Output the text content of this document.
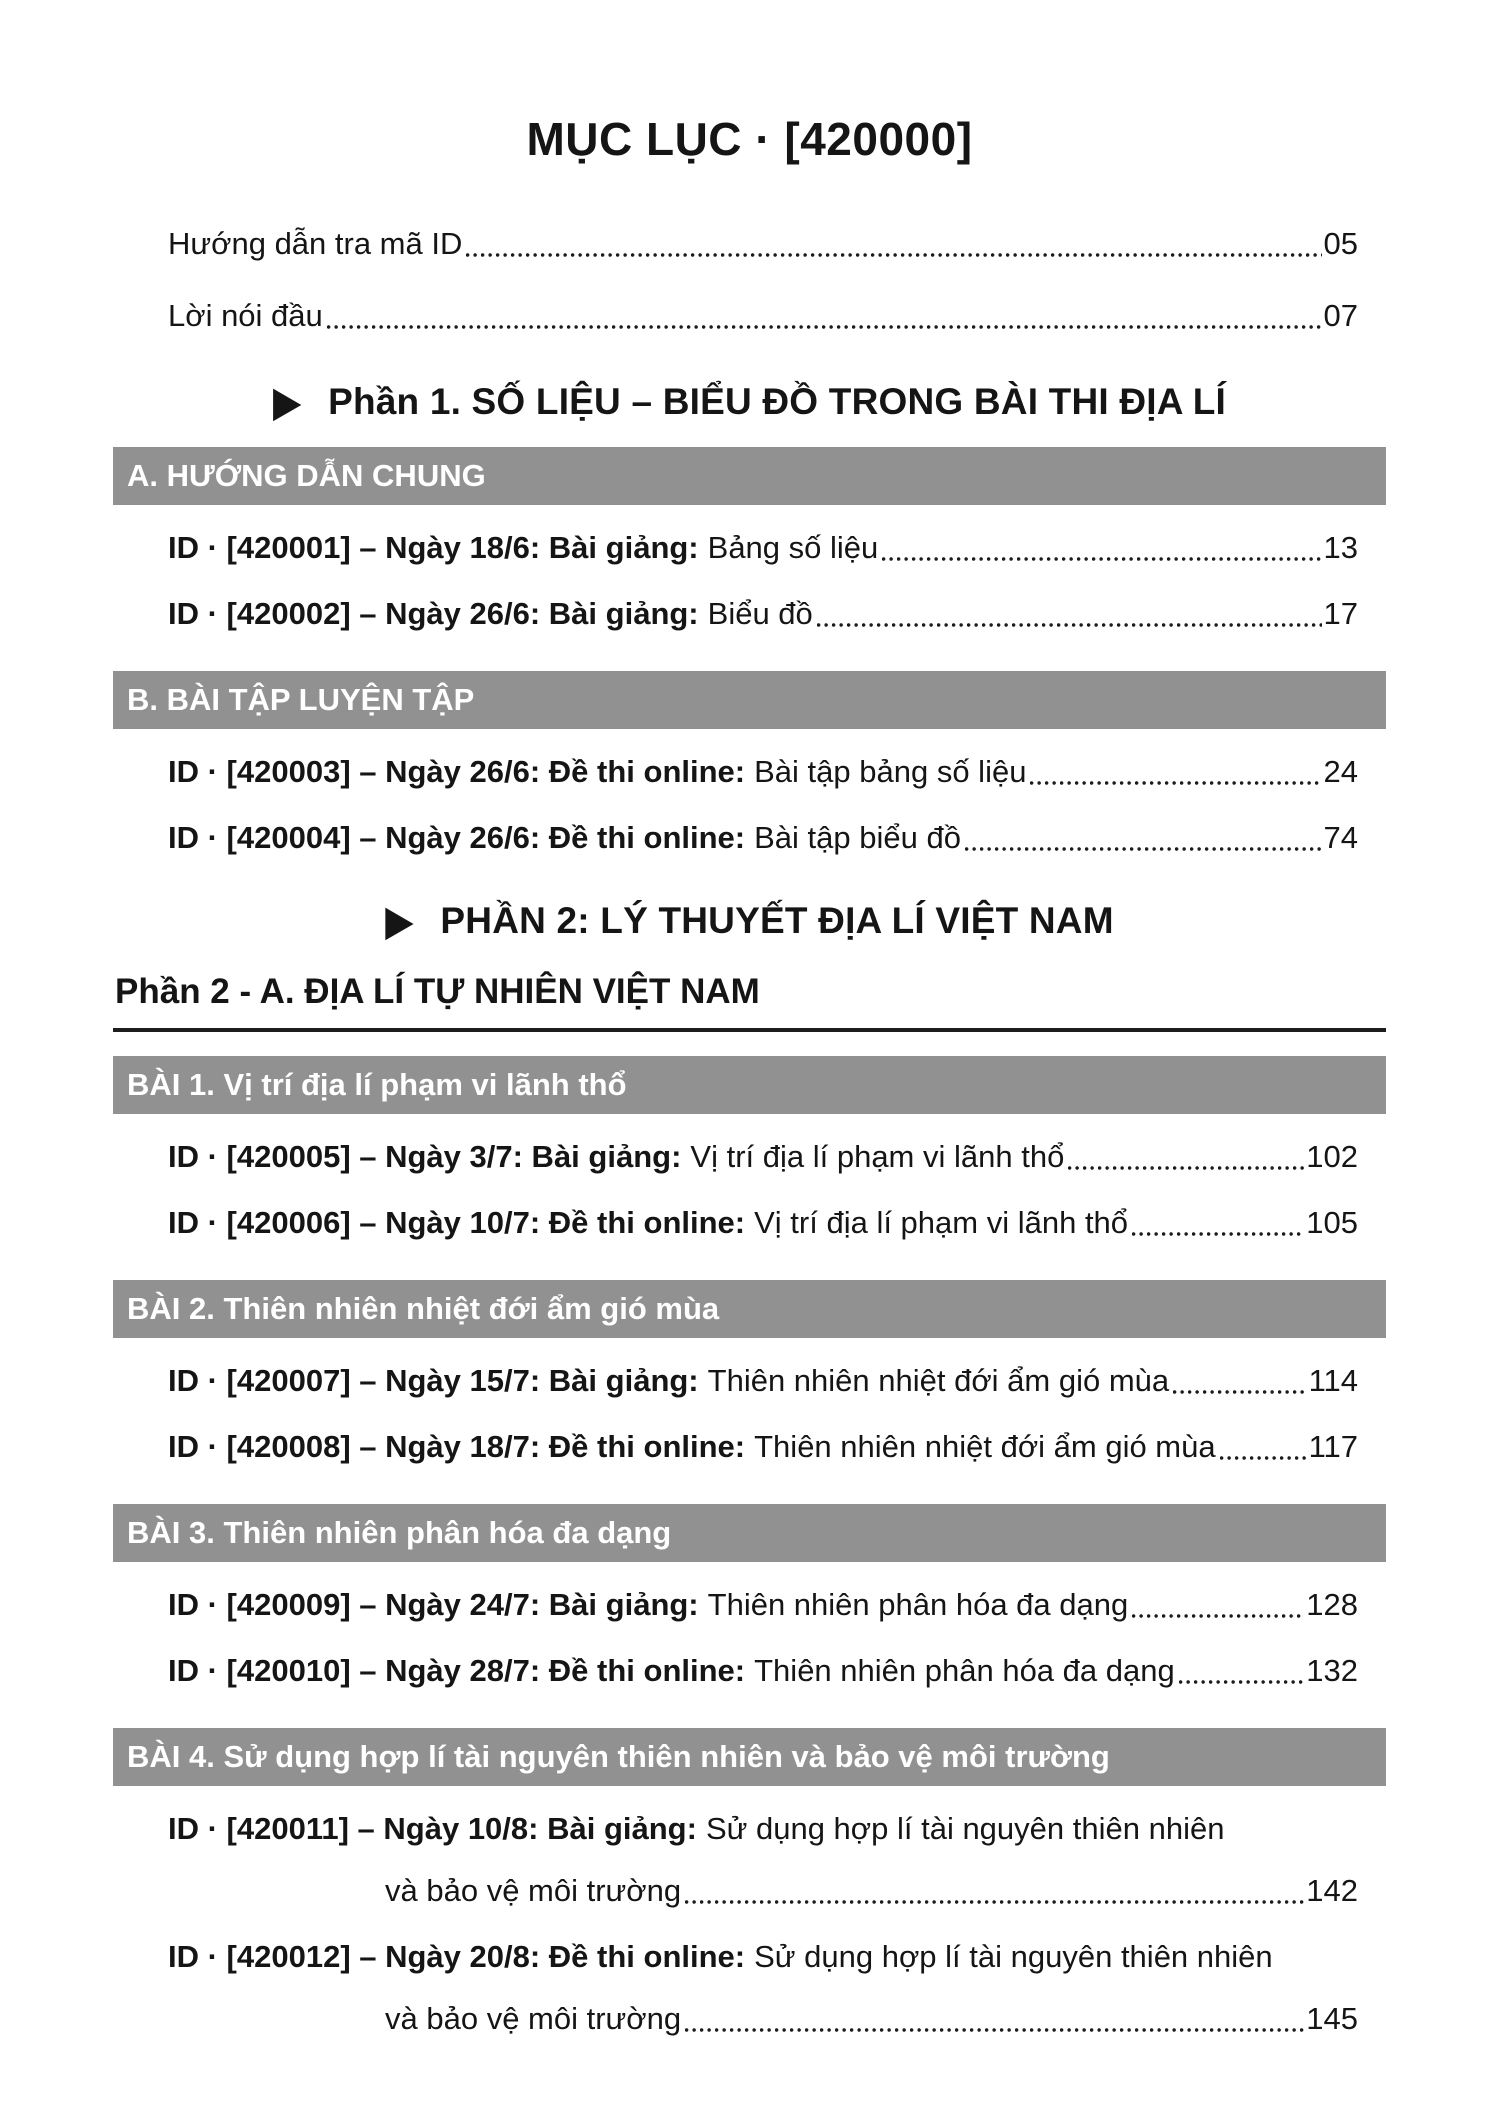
MỤC LỤC · [420000]
Hướng dẫn tra mã ID	05
Lời nói đầu	07
▶ Phần 1. SỐ LIỆU – BIỂU ĐỒ TRONG BÀI THI ĐỊA LÍ
A. HƯỚNG DẪN CHUNG
ID · [420001] – Ngày 18/6: Bài giảng: Bảng số liệu	13
ID · [420002] – Ngày 26/6: Bài giảng: Biểu đồ	17
B. BÀI TẬP LUYỆN TẬP
ID · [420003] – Ngày 26/6: Đề thi online: Bài tập bảng số liệu	24
ID · [420004] – Ngày 26/6: Đề thi online: Bài tập biểu đồ	74
▶ PHẦN 2: LÝ THUYẾT ĐỊA LÍ VIỆT NAM
Phần 2 - A. ĐỊA LÍ TỰ NHIÊN VIỆT NAM
BÀI 1. Vị trí địa lí phạm vi lãnh thổ
ID · [420005] – Ngày 3/7: Bài giảng: Vị trí địa lí phạm vi lãnh thổ	102
ID · [420006] – Ngày 10/7: Đề thi online: Vị trí địa lí phạm vi lãnh thổ	105
BÀI 2. Thiên nhiên nhiệt đới ẩm gió mùa
ID · [420007] – Ngày 15/7: Bài giảng: Thiên nhiên nhiệt đới ẩm gió mùa	114
ID · [420008] – Ngày 18/7: Đề thi online: Thiên nhiên nhiệt đới ẩm gió mùa	117
BÀI 3. Thiên nhiên phân hóa đa dạng
ID · [420009] – Ngày 24/7: Bài giảng: Thiên nhiên phân hóa đa dạng	128
ID · [420010] – Ngày 28/7: Đề thi online: Thiên nhiên phân hóa đa dạng	132
BÀI 4. Sử dụng hợp lí tài nguyên thiên nhiên và bảo vệ môi trường
ID · [420011] – Ngày 10/8: Bài giảng: Sử dụng hợp lí tài nguyên thiên nhiên
và bảo vệ môi trường	142
ID · [420012] – Ngày 20/8: Đề thi online: Sử dụng hợp lí tài nguyên thiên nhiên
và bảo vệ môi trường	145
